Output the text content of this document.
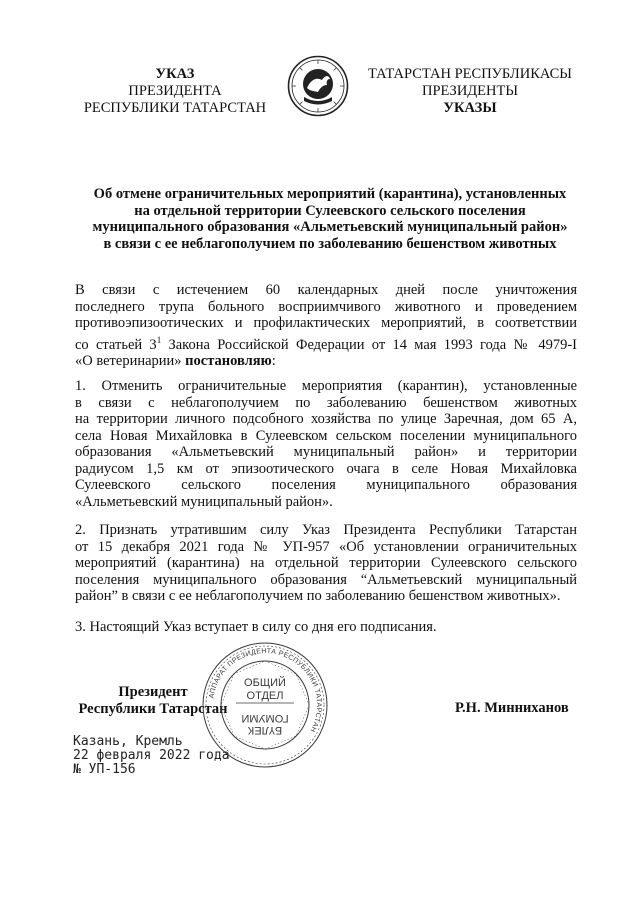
УКАЗ
ПРЕЗИДЕНТА
РЕСПУБЛИКИ ТАТАРСТАН
ТАТАРСТАН РЕСПУБЛИКАСЫ
ПРЕЗИДЕНТЫ
УКАЗЫ
Об отмене ограничительных мероприятий (карантина), установленных
на отдельной территории Сулеевского сельского поселения
муниципального образования «Альметьевский муниципальный район»
в связи с ее неблагополучием по заболеванию бешенством животных
В связи с истечением 60 календарных дней после уничтожения
последнего трупа больного восприимчивого животного и проведением
противоэпизоотических и профилактических мероприятий, в соответствии
со статьей $3^1$ Закона Российской Федерации от 14 мая 1993 года № 4979-I
«О ветеринарии» постановляю:
1. Отменить ограничительные мероприятия (карантин), установленные
в связи с неблагополучием по заболеванию бешенством животных
на территории личного подсобного хозяйства по улице Заречная, дом 65 А,
села Новая Михайловка в Сулеевском сельском поселении муниципального
образования «Альметьевский муниципальный район» и территории
радиусом 1,5 км от эпизоотического очага в селе Новая Михайловка
Сулеевского сельского поселения муниципального образования
«Альметьевский муниципальный район».
2. Признать утратившим силу Указ Президента Республики Татарстан
от 15 декабря 2021 года № УП-957 «Об установлении ограничительных
мероприятий (карантина) на отдельной территории Сулеевского сельского
поселения муниципального образования “Альметьевский муниципальный
район” в связи с ее неблагополучием по заболеванию бешенством животных».
3. Настоящий Указ вступает в силу со дня его подписания.
Президент
Республики Татарстан	Р.Н. Минниханов
АППАРАТ ПРЕЗИДЕНТА РЕСПУБЛИКИ ТАТАРСТАН
ОБЩИЙ
ОТДЕЛ
ГОМУМИ
БҮЛЕК
Казань, Кремль
22 февраля 2022 года
№ УП-156
